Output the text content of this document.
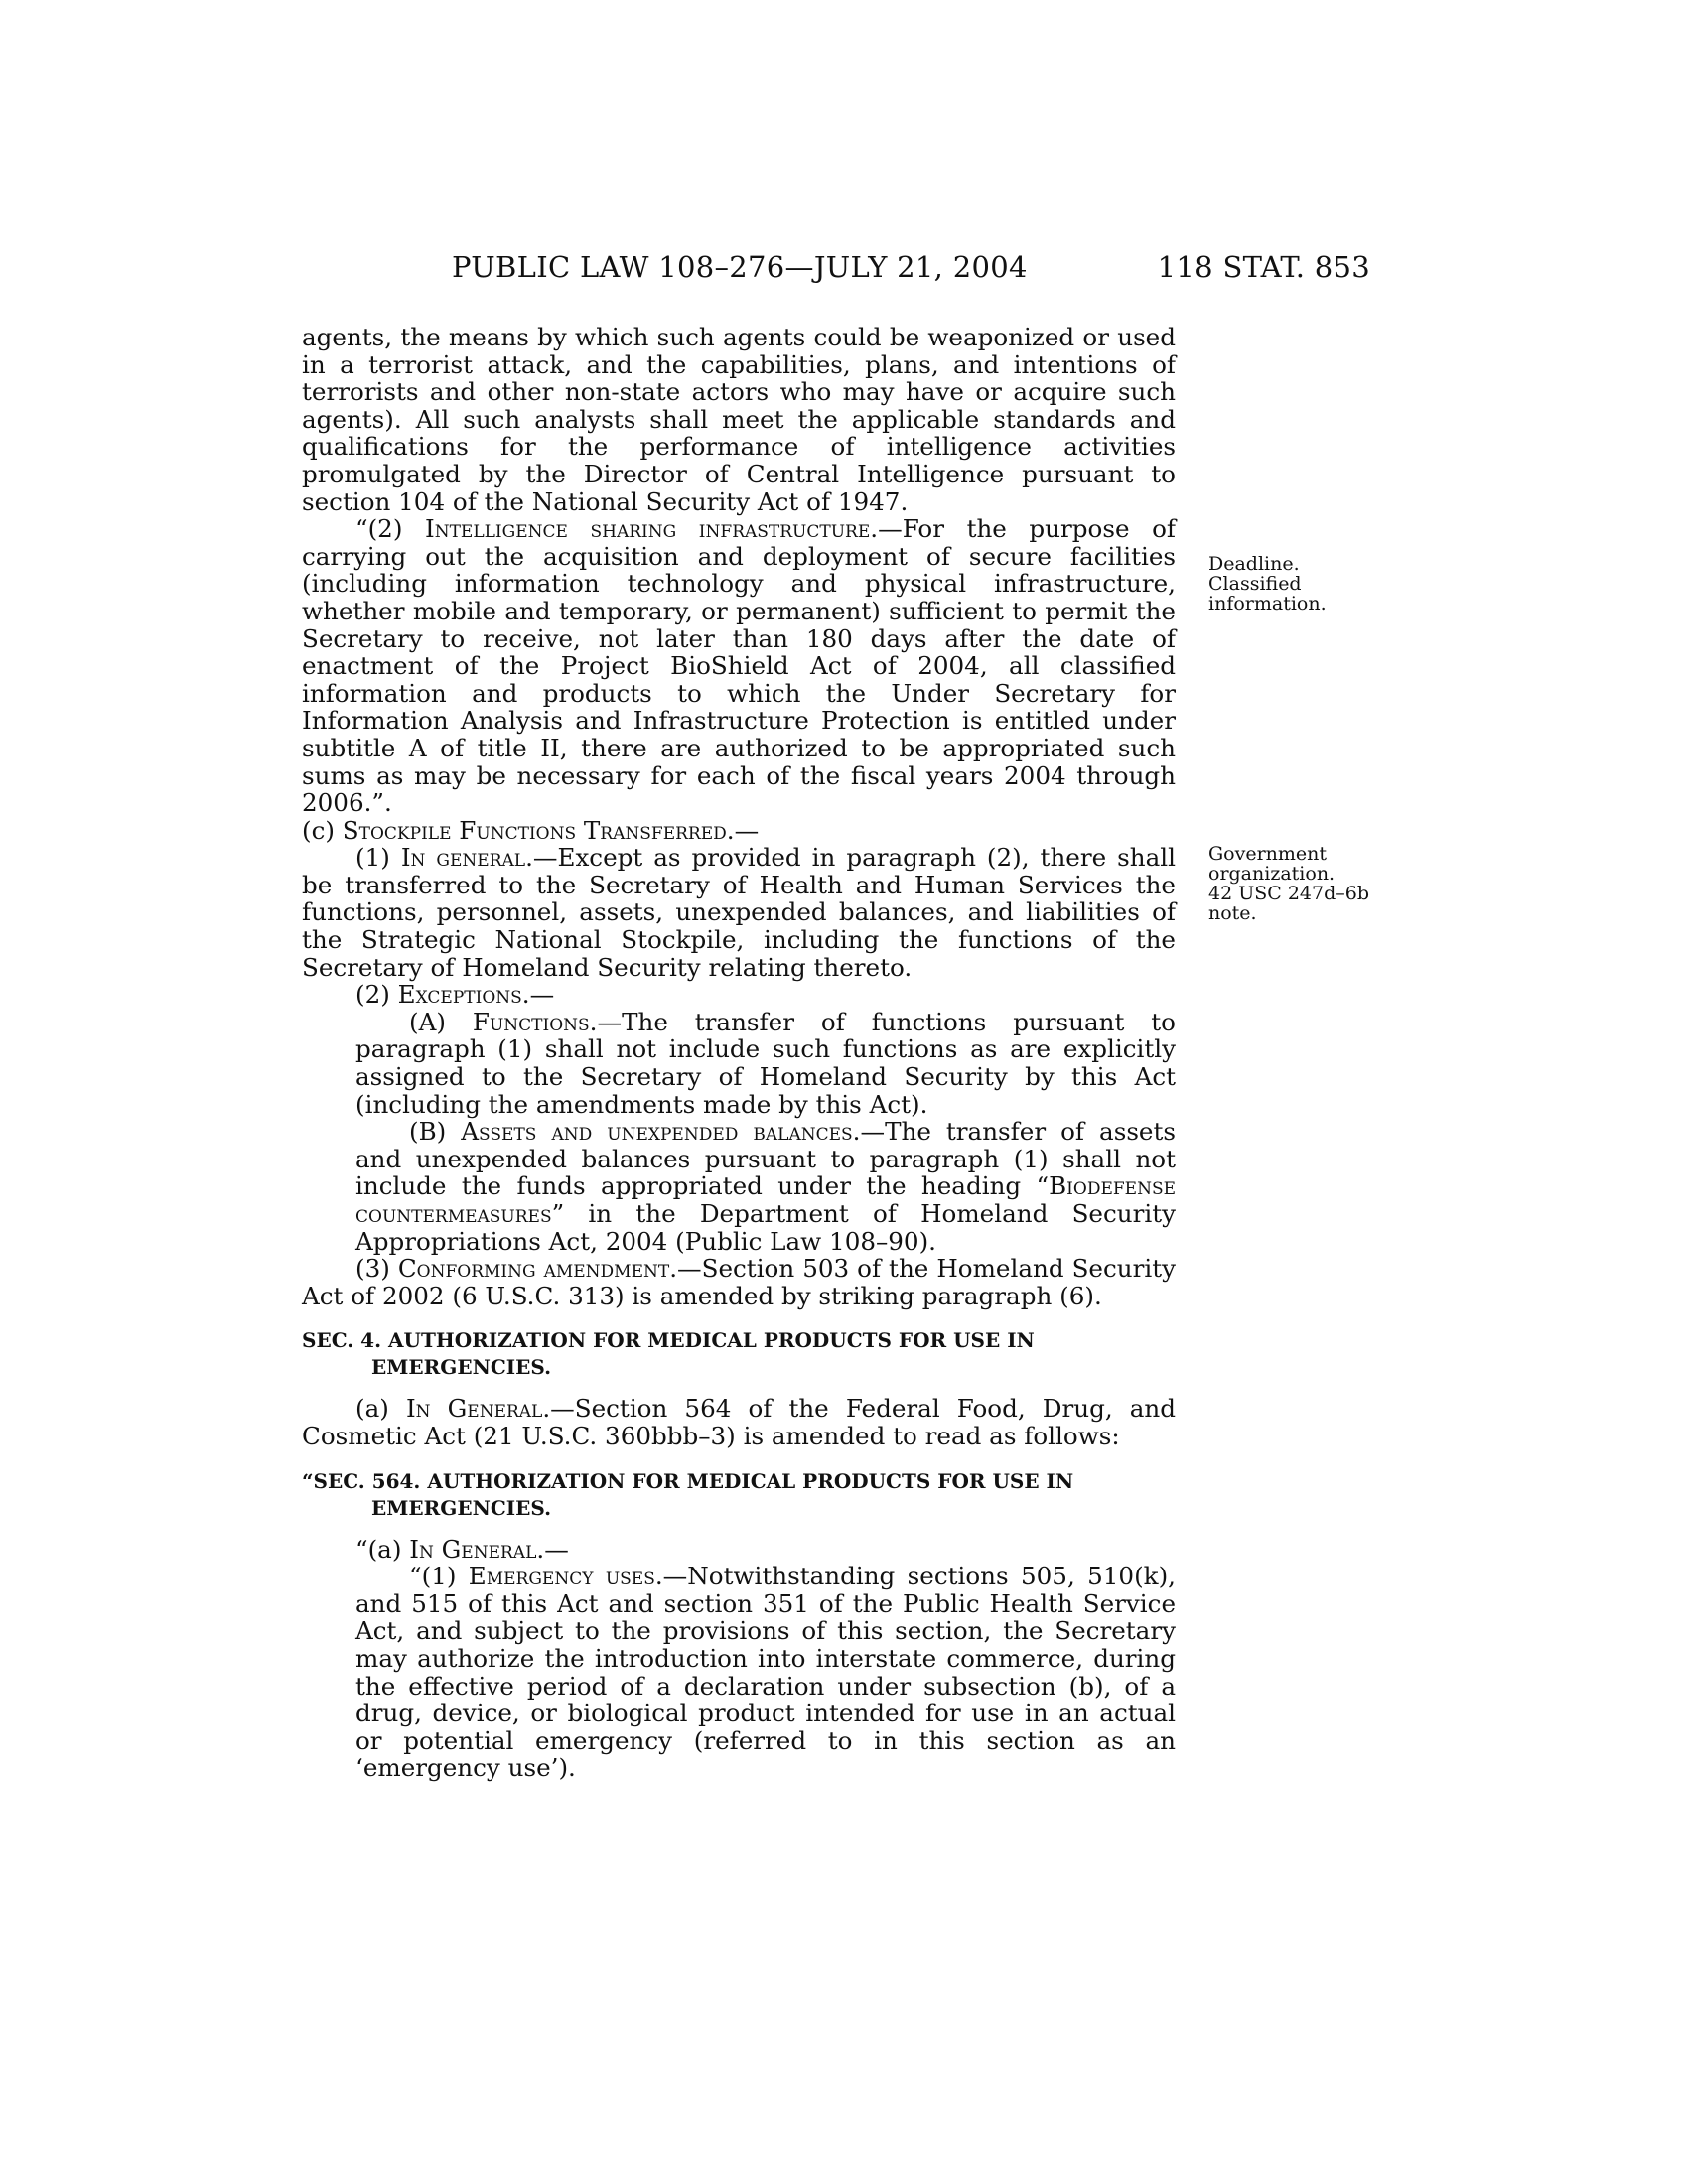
PUBLIC LAW 108–276—JULY 21, 2004	118 STAT. 853

agents, the means by which such agents could be weaponized or used in a terrorist attack, and the capabilities, plans, and intentions of terrorists and other non-state actors who may have or acquire such agents). All such analysts shall meet the applicable standards and qualifications for the performance of intelligence activities promulgated by the Director of Central Intelligence pursuant to section 104 of the National Security Act of 1947.

“(2) Intelligence sharing infrastructure.—For the purpose of carrying out the acquisition and deployment of secure facilities (including information technology and physical infrastructure, whether mobile and temporary, or permanent) sufficient to permit the Secretary to receive, not later than 180 days after the date of enactment of the Project BioShield Act of 2004, all classified information and products to which the Under Secretary for Information Analysis and Infrastructure Protection is entitled under subtitle A of title II, there are authorized to be appropriated such sums as may be necessary for each of the fiscal years 2004 through 2006.”.

(c) Stockpile Functions Transferred.—

(1) In general.—Except as provided in paragraph (2), there shall be transferred to the Secretary of Health and Human Services the functions, personnel, assets, unexpended balances, and liabilities of the Strategic National Stockpile, including the functions of the Secretary of Homeland Security relating thereto.

(2) Exceptions.—

(A) Functions.—The transfer of functions pursuant to paragraph (1) shall not include such functions as are explicitly assigned to the Secretary of Homeland Security by this Act (including the amendments made by this Act).

(B) Assets and unexpended balances.—The transfer of assets and unexpended balances pursuant to paragraph (1) shall not include the funds appropriated under the heading “Biodefense countermeasures” in the Department of Homeland Security Appropriations Act, 2004 (Public Law 108–90).

(3) Conforming amendment.—Section 503 of the Homeland Security Act of 2002 (6 U.S.C. 313) is amended by striking paragraph (6).

SEC. 4. AUTHORIZATION FOR MEDICAL PRODUCTS FOR USE IN EMERGENCIES.

(a) In General.—Section 564 of the Federal Food, Drug, and Cosmetic Act (21 U.S.C. 360bbb–3) is amended to read as follows:

“SEC. 564. AUTHORIZATION FOR MEDICAL PRODUCTS FOR USE IN EMERGENCIES.

“(a) In General.—

“(1) Emergency uses.—Notwithstanding sections 505, 510(k), and 515 of this Act and section 351 of the Public Health Service Act, and subject to the provisions of this section, the Secretary may authorize the introduction into interstate commerce, during the effective period of a declaration under subsection (b), of a drug, device, or biological product intended for use in an actual or potential emergency (referred to in this section as an ‘emergency use’).

Deadline.

Classified

information.

Government

organization.

42 USC 247d–6b

note.
